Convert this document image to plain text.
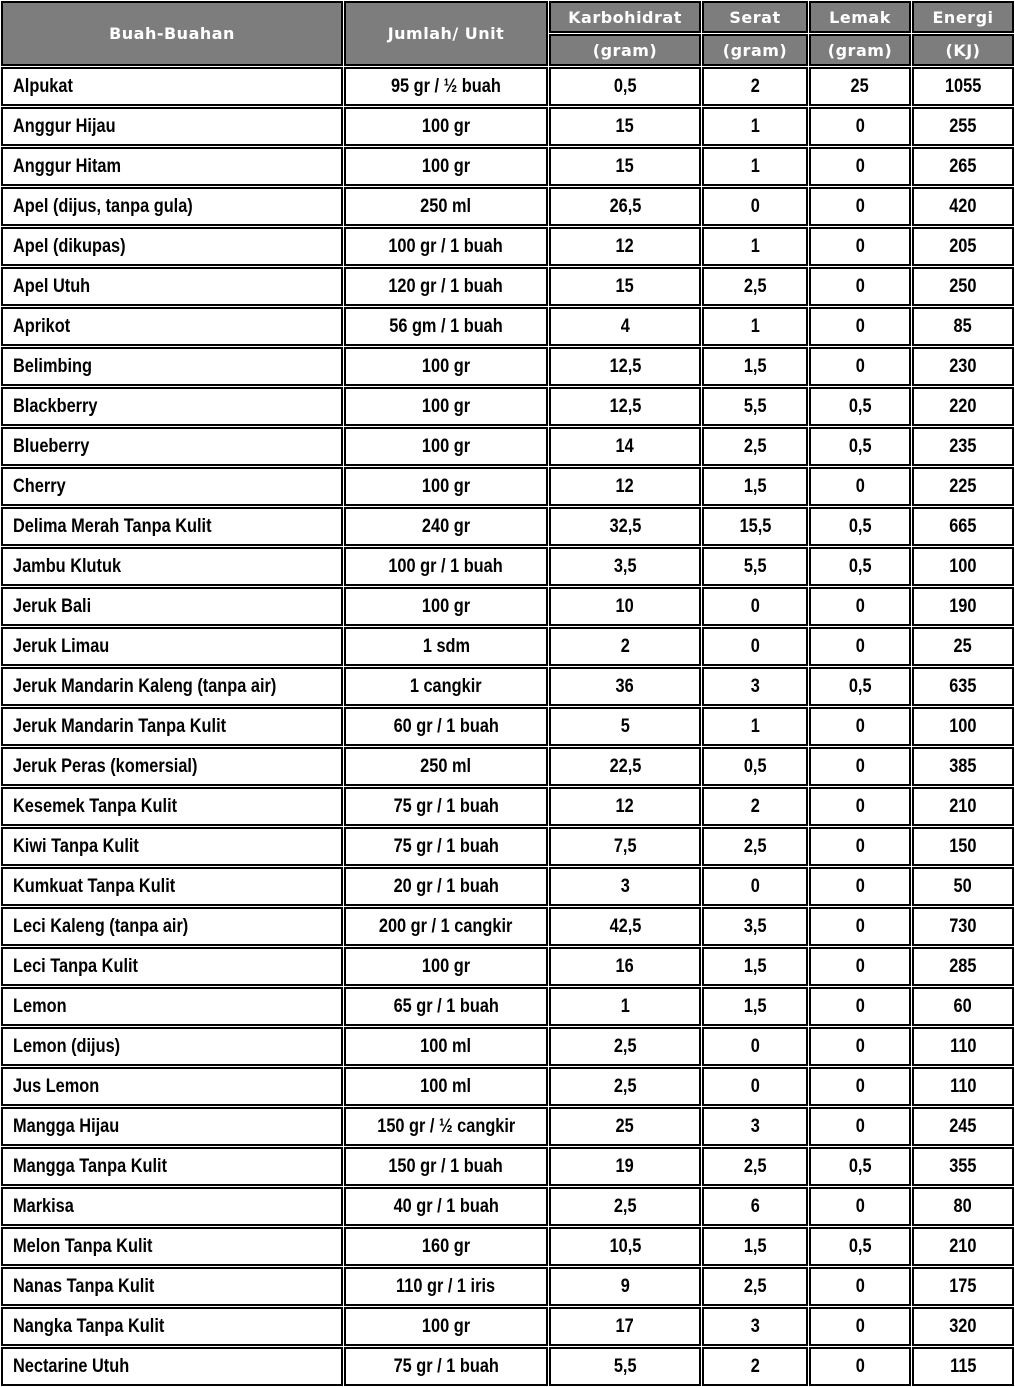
Buah-Buahan	Jumlah/ Unit	Karbohidrat	Serat	Lemak	Energi
		(gram)	(gram)	(gram)	(KJ)
Alpukat	95 gr / ½ buah	0,5	2	25	1055
Anggur Hijau	100 gr	15	1	0	255
Anggur Hitam	100 gr	15	1	0	265
Apel (dijus, tanpa gula)	250 ml	26,5	0	0	420
Apel (dikupas)	100 gr / 1 buah	12	1	0	205
Apel Utuh	120 gr / 1 buah	15	2,5	0	250
Aprikot	56 gm / 1 buah	4	1	0	85
Belimbing	100 gr	12,5	1,5	0	230
Blackberry	100 gr	12,5	5,5	0,5	220
Blueberry	100 gr	14	2,5	0,5	235
Cherry	100 gr	12	1,5	0	225
Delima Merah Tanpa Kulit	240 gr	32,5	15,5	0,5	665
Jambu Klutuk	100 gr / 1 buah	3,5	5,5	0,5	100
Jeruk Bali	100 gr	10	0	0	190
Jeruk Limau	1 sdm	2	0	0	25
Jeruk Mandarin Kaleng (tanpa air)	1 cangkir	36	3	0,5	635
Jeruk Mandarin Tanpa Kulit	60 gr / 1 buah	5	1	0	100
Jeruk Peras (komersial)	250 ml	22,5	0,5	0	385
Kesemek Tanpa Kulit	75 gr / 1 buah	12	2	0	210
Kiwi Tanpa Kulit	75 gr / 1 buah	7,5	2,5	0	150
Kumkuat Tanpa Kulit	20 gr / 1 buah	3	0	0	50
Leci Kaleng (tanpa air)	200 gr / 1 cangkir	42,5	3,5	0	730
Leci Tanpa Kulit	100 gr	16	1,5	0	285
Lemon	65 gr / 1 buah	1	1,5	0	60
Lemon (dijus)	100 ml	2,5	0	0	110
Jus Lemon	100 ml	2,5	0	0	110
Mangga Hijau	150 gr / ½ cangkir	25	3	0	245
Mangga Tanpa Kulit	150 gr / 1 buah	19	2,5	0,5	355
Markisa	40 gr / 1 buah	2,5	6	0	80
Melon Tanpa Kulit	160 gr	10,5	1,5	0,5	210
Nanas Tanpa Kulit	110 gr / 1 iris	9	2,5	0	175
Nangka Tanpa Kulit	100 gr	17	3	0	320
Nectarine Utuh	75 gr / 1 buah	5,5	2	0	115
